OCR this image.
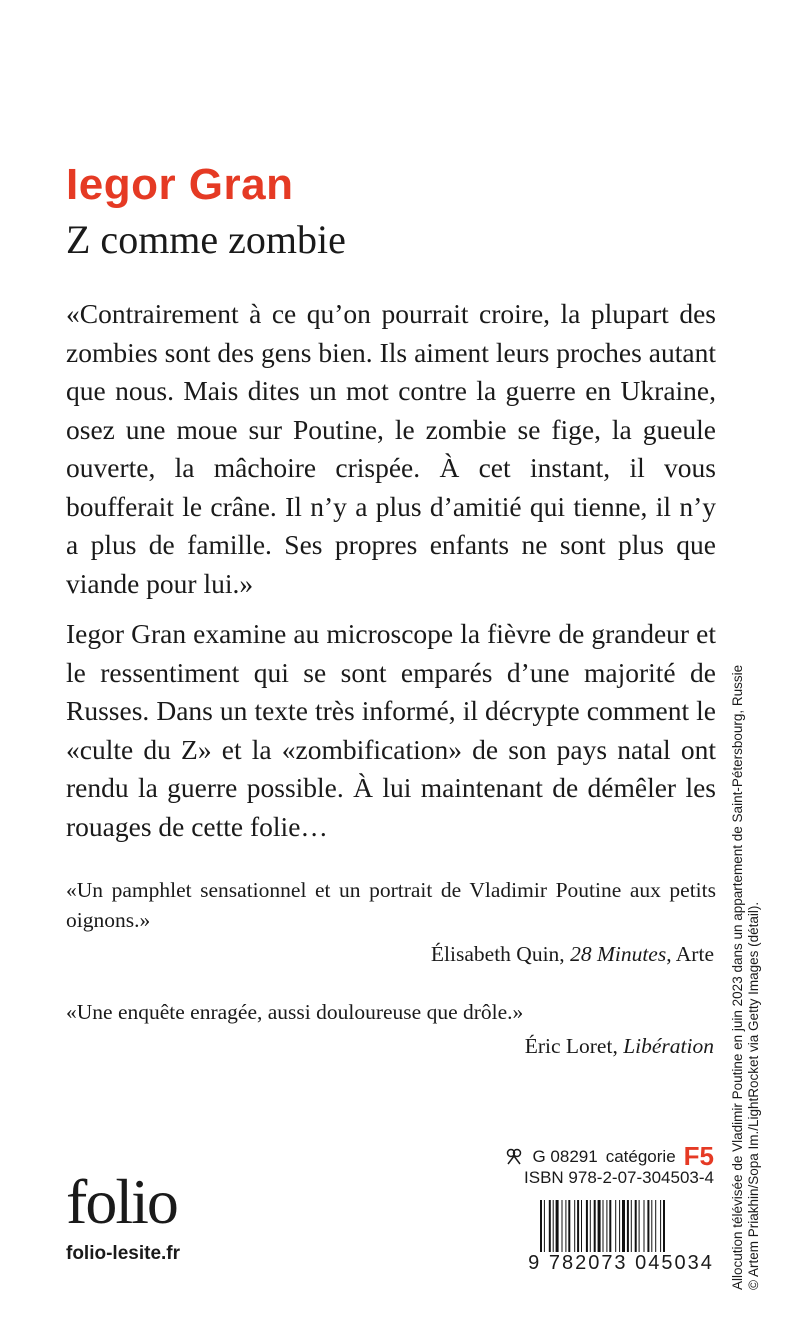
Iegor Gran
Z comme zombie
«Contrairement à ce qu’on pourrait croire, la plupart des zombies sont des gens bien. Ils aiment leurs proches autant que nous. Mais dites un mot contre la guerre en Ukraine, osez une moue sur Poutine, le zombie se fige, la gueule ouverte, la mâchoire crispée. À cet instant, il vous boufferait le crâne. Il n’y a plus d’amitié qui tienne, il n’y a plus de famille. Ses propres enfants ne sont plus que viande pour lui.»
Iegor Gran examine au microscope la fièvre de grandeur et le ressentiment qui se sont emparés d’une majorité de Russes. Dans un texte très informé, il décrypte comment le «culte du Z» et la «zombification» de son pays natal ont rendu la guerre possible. À lui maintenant de démêler les rouages de cette folie…
«Un pamphlet sensationnel et un portrait de Vladimir Poutine aux petits oignons.»
Élisabeth Quin, 28 Minutes, Arte
«Une enquête enragée, aussi douloureuse que drôle.»
Éric Loret, Libération
folio
folio-lesite.fr
G 08291 catégorie F5
ISBN 978-2-07-304503-4
9 782073 045034 Allocution télévisée de Vladimir Poutine en juin 2023 dans un appartement de Saint-Pétersbourg, Russie © Artem Priakhin/Sopa Im./LightRocket via Getty Images (détail).
